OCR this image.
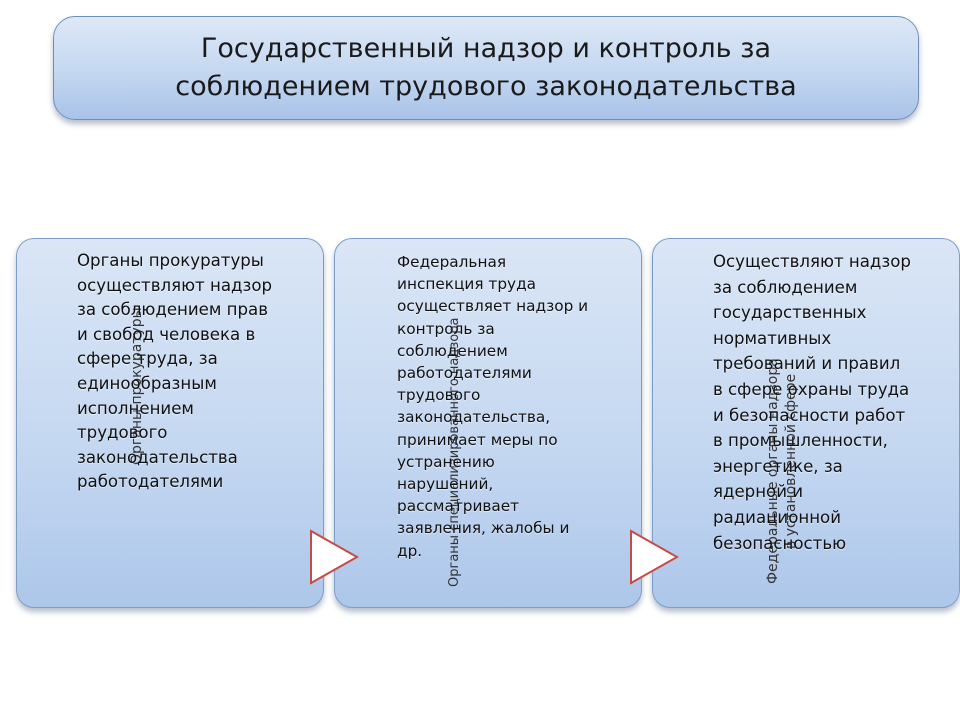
Государственный надзор и контроль за
соблюдением трудового законодательства
Органы прокуратуры
Органы прокуратуры
осуществляют надзор
за соблюдением прав
и свобод человека в
сфере труда, за
единообразным
исполнением
трудового
законодательства
работодателями	Органы специализированного надзора
Федеральная
инспекция труда
осуществляет надзор и
контроль за
соблюдением
работодателями
трудового
законодательства,
принимает меры по
устранению
нарушений,
рассматривает
заявления, жалобы и
др.	Федеральные органы надзора в установленной сфере
Осуществляют надзор
за соблюдением
государственных
нормативных
требований и правил
в сфере охраны труда
и безопасности работ
в промышленности,
энергетике, за
ядерной и
радиационной
безопасностью
